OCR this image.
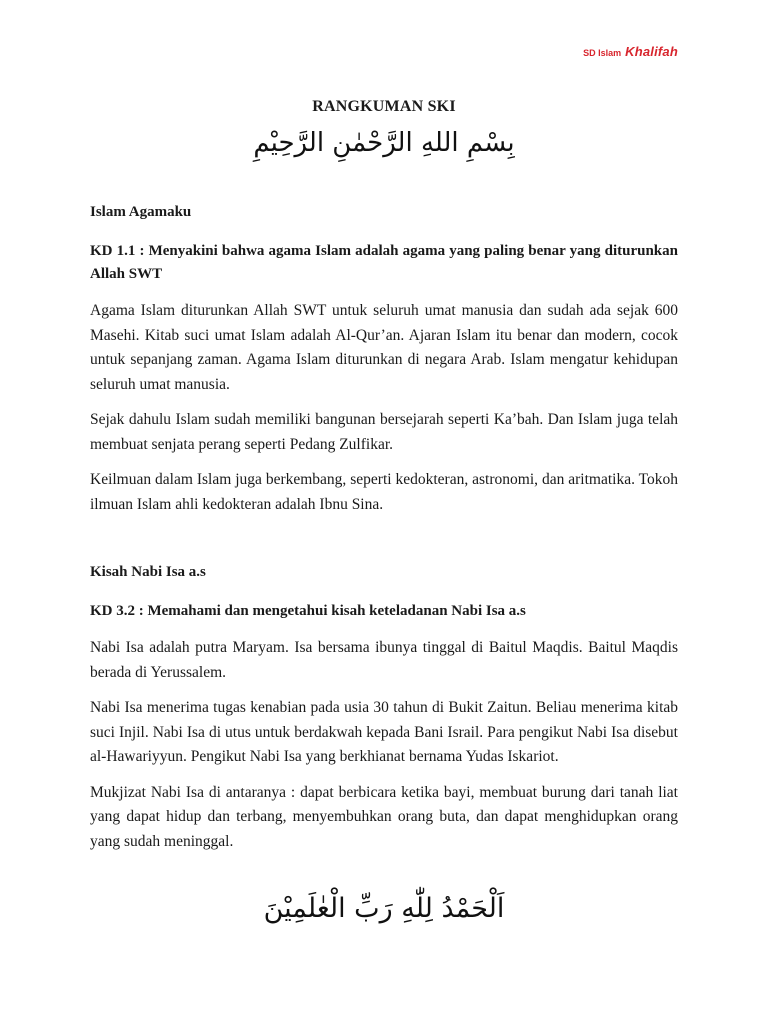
SD Islam Khalifah
RANGKUMAN SKI
بِسْمِ اللهِ الرَّحْمٰنِ الرَّحِيْمِ
Islam Agamaku
KD 1.1 : Menyakini bahwa agama Islam adalah agama yang paling benar yang diturunkan Allah SWT

Agama Islam diturunkan Allah SWT untuk seluruh umat manusia dan sudah ada sejak 600 Masehi. Kitab suci umat Islam adalah Al-Qur’an. Ajaran Islam itu benar dan modern, cocok untuk sepanjang zaman. Agama Islam diturunkan di negara Arab. Islam mengatur kehidupan seluruh umat manusia.

Sejak dahulu Islam sudah memiliki bangunan bersejarah seperti Ka’bah. Dan Islam juga telah membuat senjata perang seperti Pedang Zulfikar.

Keilmuan dalam Islam juga berkembang, seperti kedokteran, astronomi, dan aritmatika. Tokoh ilmuan Islam ahli kedokteran adalah Ibnu Sina.

Kisah Nabi Isa a.s
KD 3.2 : Memahami dan mengetahui kisah keteladanan Nabi Isa a.s

Nabi Isa adalah putra Maryam. Isa bersama ibunya tinggal di Baitul Maqdis. Baitul Maqdis berada di Yerussalem.

Nabi Isa menerima tugas kenabian pada usia 30 tahun di Bukit Zaitun. Beliau menerima kitab suci Injil. Nabi Isa di utus untuk berdakwah kepada Bani Israil. Para pengikut Nabi Isa disebut al-Hawariyyun. Pengikut Nabi Isa yang berkhianat bernama Yudas Iskariot.

Mukjizat Nabi Isa di antaranya : dapat berbicara ketika bayi, membuat burung dari tanah liat yang dapat hidup dan terbang, menyembuhkan orang buta, dan dapat menghidupkan orang yang sudah meninggal.

اَلْحَمْدُ لِلّٰهِ رَبِّ الْعٰلَمِيْنَ
